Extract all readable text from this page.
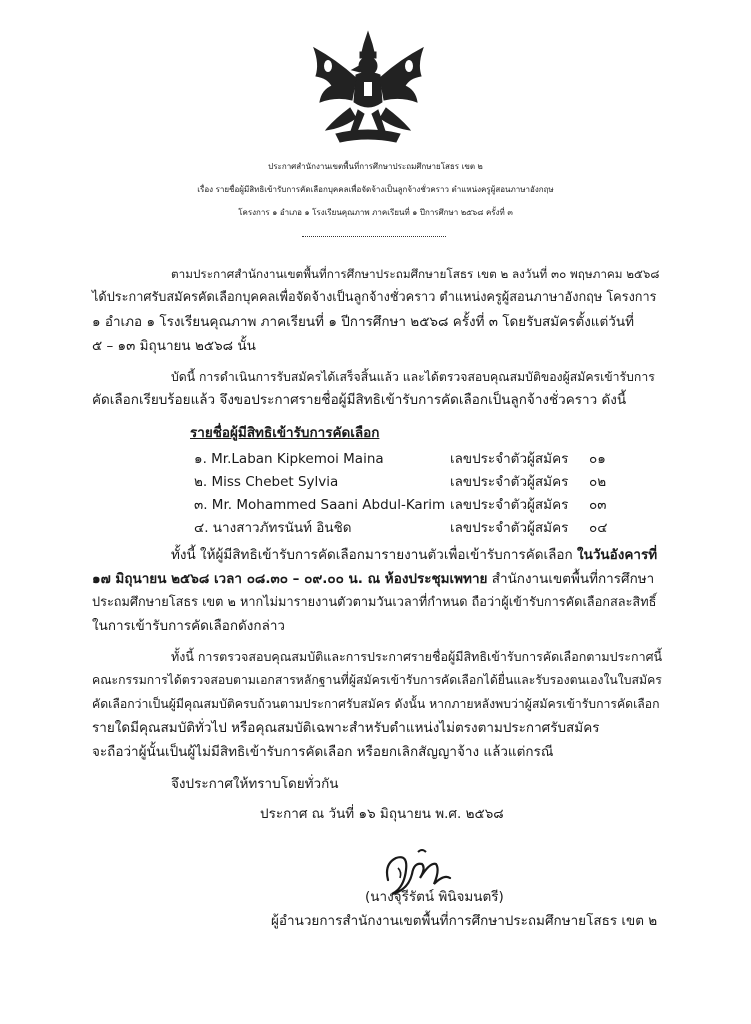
ประกาศสำนักงานเขตพื้นที่การศึกษาประถมศึกษายโสธร เขต ๒
เรื่อง รายชื่อผู้มีสิทธิเข้ารับการคัดเลือกบุคคลเพื่อจัดจ้างเป็นลูกจ้างชั่วคราว ตำแหน่งครูผู้สอนภาษาอังกฤษ
โครงการ ๑ อำเภอ ๑ โรงเรียนคุณภาพ ภาคเรียนที่ ๑ ปีการศึกษา ๒๕๖๘ ครั้งที่ ๓
ตามประกาศสำนักงานเขตพื้นที่การศึกษาประถมศึกษายโสธร เขต ๒ ลงวันที่ ๓๐ พฤษภาคม ๒๕๖๘
ได้ประกาศรับสมัครคัดเลือกบุคคลเพื่อจัดจ้างเป็นลูกจ้างชั่วคราว ตำแหน่งครูผู้สอนภาษาอังกฤษ โครงการ
๑ อำเภอ ๑ โรงเรียนคุณภาพ ภาคเรียนที่ ๑ ปีการศึกษา ๒๕๖๘ ครั้งที่ ๓ โดยรับสมัครตั้งแต่วันที่
๕ – ๑๓ มิถุนายน ๒๕๖๘ นั้น
บัดนี้ การดำเนินการรับสมัครได้เสร็จสิ้นแล้ว และได้ตรวจสอบคุณสมบัติของผู้สมัครเข้ารับการ
คัดเลือกเรียบร้อยแล้ว จึงขอประกาศรายชื่อผู้มีสิทธิเข้ารับการคัดเลือกเป็นลูกจ้างชั่วคราว ดังนี้
รายชื่อผู้มีสิทธิเข้ารับการคัดเลือก
๑. Mr.Laban Kipkemoi Maina	เลขประจำตัวผู้สมัคร ๐๑
๒. Miss Chebet Sylvia	เลขประจำตัวผู้สมัคร ๐๒
๓. Mr. Mohammed Saani Abdul-Karim เลขประจำตัวผู้สมัคร ๐๓
๔. นางสาวภัทรนันท์ อินชิด	เลขประจำตัวผู้สมัคร ๐๔
ทั้งนี้ ให้ผู้มีสิทธิเข้ารับการคัดเลือกมารายงานตัวเพื่อเข้ารับการคัดเลือก ในวันอังคารที่
๑๗ มิถุนายน ๒๕๖๘ เวลา ๐๘.๓๐ – ๐๙.๐๐ น. ณ ห้องประชุมเพทาย สำนักงานเขตพื้นที่การศึกษา
ประถมศึกษายโสธร เขต ๒ หากไม่มารายงานตัวตามวันเวลาที่กำหนด ถือว่าผู้เข้ารับการคัดเลือกสละสิทธิ์
ในการเข้ารับการคัดเลือกดังกล่าว
ทั้งนี้ การตรวจสอบคุณสมบัติและการประกาศรายชื่อผู้มีสิทธิเข้ารับการคัดเลือกตามประกาศนี้
คณะกรรมการได้ตรวจสอบตามเอกสารหลักฐานที่ผู้สมัครเข้ารับการคัดเลือกได้ยื่นและรับรองตนเองในใบสมัคร
คัดเลือกว่าเป็นผู้มีคุณสมบัติครบถ้วนตามประกาศรับสมัคร ดังนั้น หากภายหลังพบว่าผู้สมัครเข้ารับการคัดเลือก
รายใดมีคุณสมบัติทั่วไป หรือคุณสมบัติเฉพาะสำหรับตำแหน่งไม่ตรงตามประกาศรับสมัคร
จะถือว่าผู้นั้นเป็นผู้ไม่มีสิทธิเข้ารับการคัดเลือก หรือยกเลิกสัญญาจ้าง แล้วแต่กรณี
จึงประกาศให้ทราบโดยทั่วกัน
ประกาศ ณ วันที่ ๑๖ มิถุนายน พ.ศ. ๒๕๖๘
(นางจุรีรัตน์ พินิจมนตรี)
ผู้อำนวยการสำนักงานเขตพื้นที่การศึกษาประถมศึกษายโสธร เขต ๒
